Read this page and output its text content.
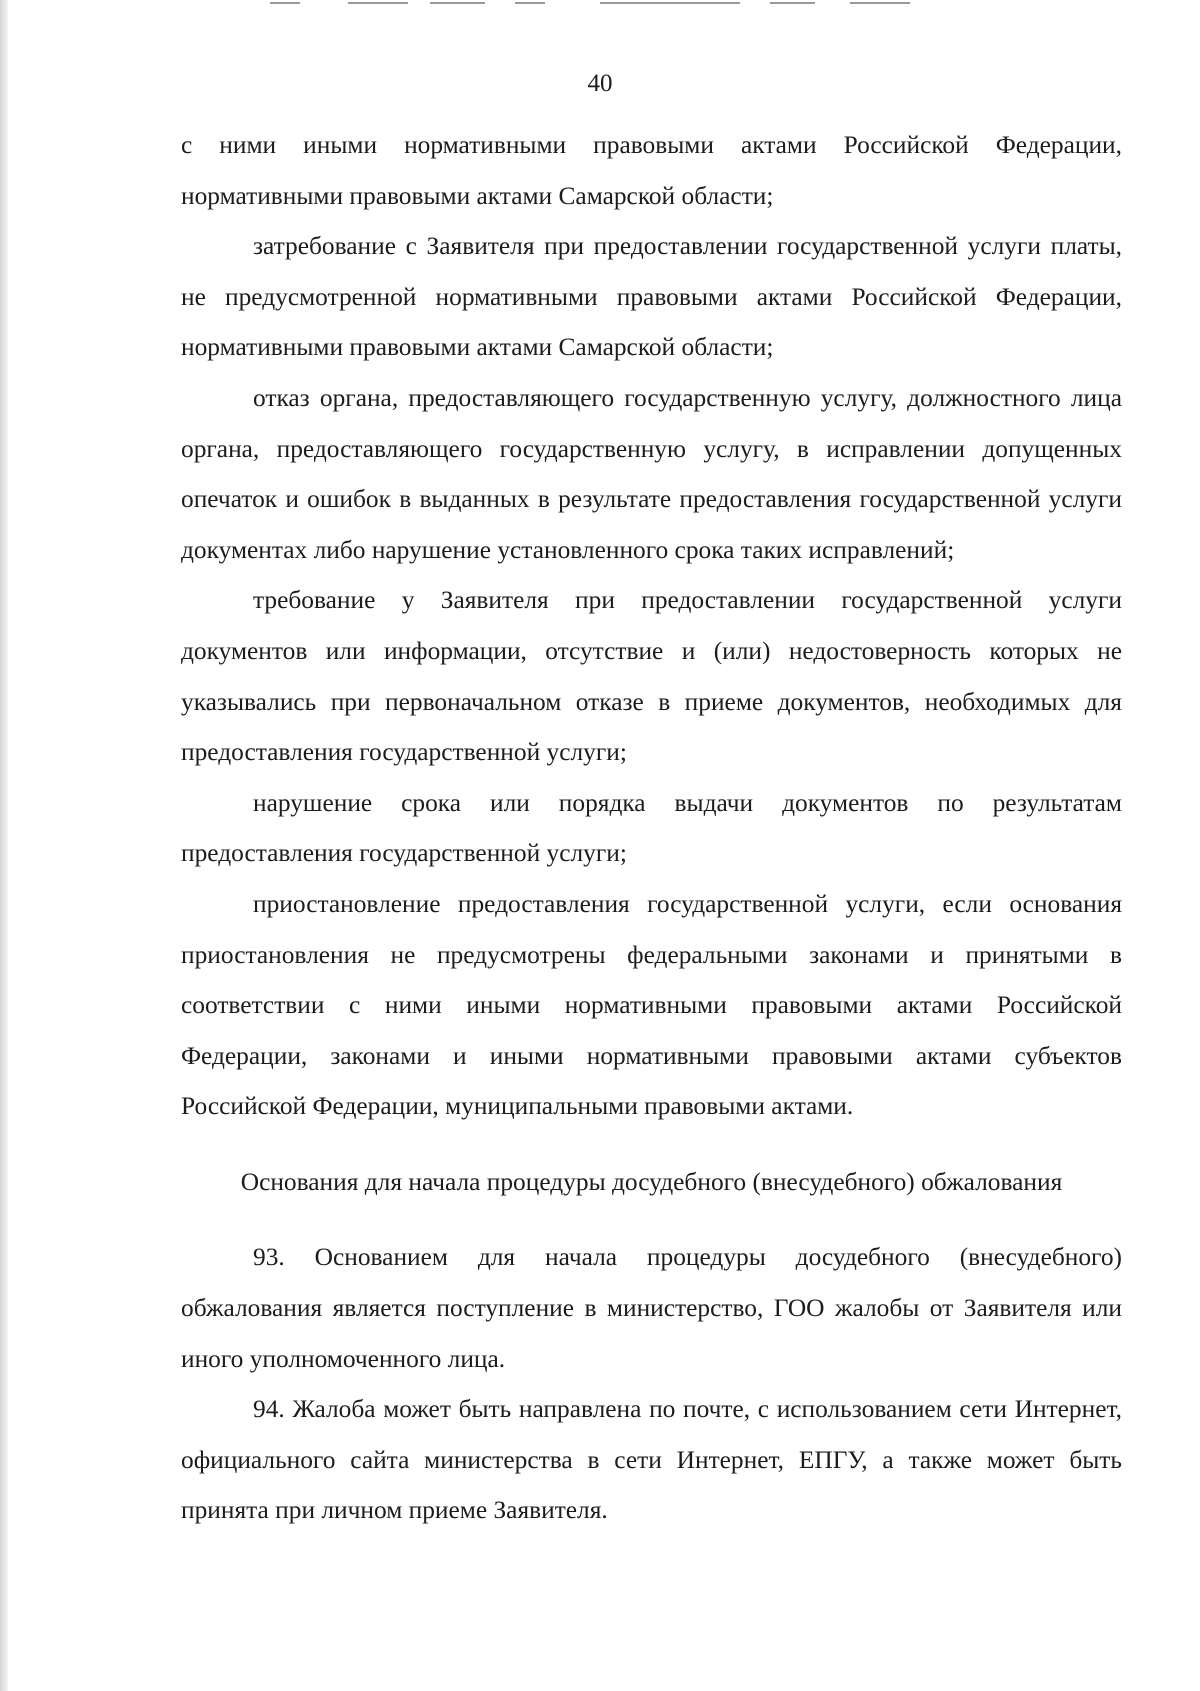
40

с ними иными нормативными правовыми актами Российской Федерации, нормативными правовыми актами Самарской области;

затребование с Заявителя при предоставлении государственной услуги платы, не предусмотренной нормативными правовыми актами Российской Федерации, нормативными правовыми актами Самарской области;

отказ органа, предоставляющего государственную услугу, должностного лица органа, предоставляющего государственную услугу, в исправлении допущенных опечаток и ошибок в выданных в результате предоставления государственной услуги документах либо нарушение установленного срока таких исправлений;

требование у Заявителя при предоставлении государственной услуги документов или информации, отсутствие и (или) недостоверность которых не указывались при первоначальном отказе в приеме документов, необходимых для предоставления государственной услуги;

нарушение срока или порядка выдачи документов по результатам предоставления государственной услуги;

приостановление предоставления государственной услуги, если основания приостановления не предусмотрены федеральными законами и принятыми в соответствии с ними иными нормативными правовыми актами Российской Федерации, законами и иными нормативными правовыми актами субъектов Российской Федерации, муниципальными правовыми актами.

Основания для начала процедуры досудебного (внесудебного) обжалования

93. Основанием для начала процедуры досудебного (внесудебного) обжалования является поступление в министерство, ГОО жалобы от Заявителя или иного уполномоченного лица.

94. Жалоба может быть направлена по почте, с использованием сети Интернет, официального сайта министерства в сети Интернет, ЕПГУ, а также может быть принята при личном приеме Заявителя.
